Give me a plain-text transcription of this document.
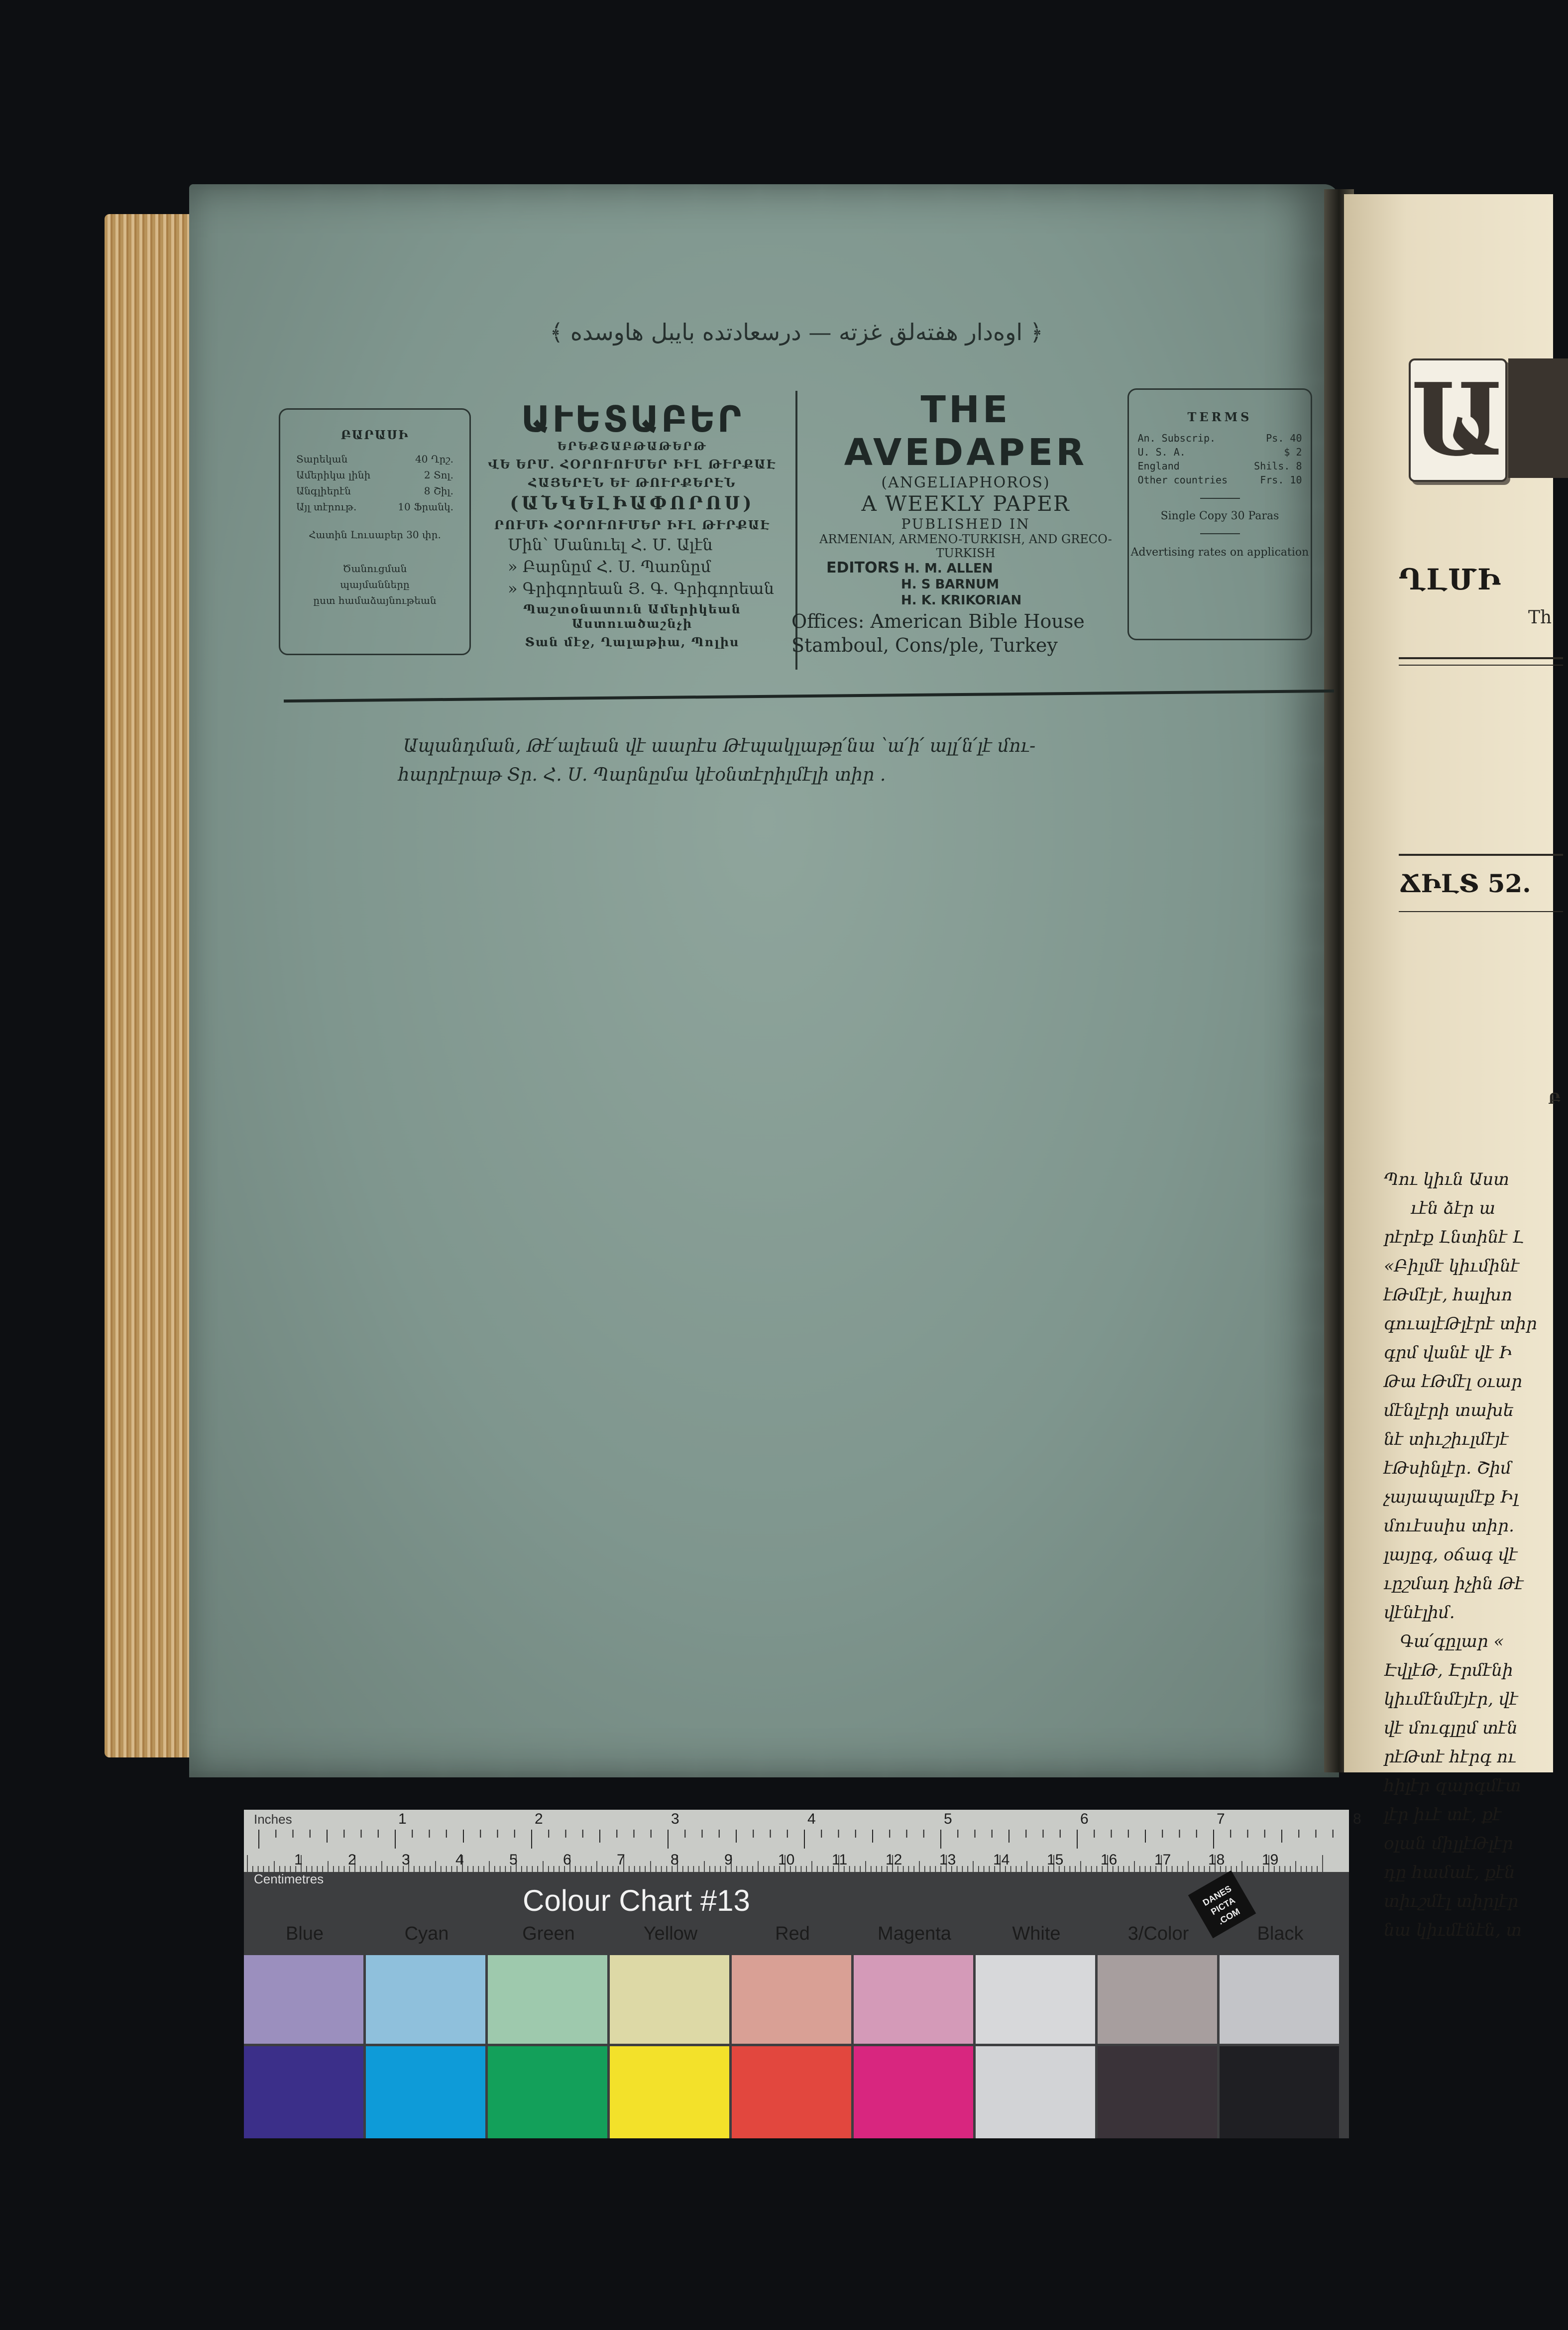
﴿ اوه‌دار هفته‌لق غزته — درسعادتده بایبل هاوسده ﴾
ԲԱՐԱՍԻ
Տարեկան	40 Ղրշ.
Ամերիկա լինի	2 Տոլ.
Անգլիերէն	8 Շիլ.
Այլ տէրութ.	10 Ֆրանկ.
Հատին Լուսաբեր 30 փր.
Ծանուցման
պայմանները
ըստ համաձայնութեան
ԱՒԵՏԱԲԵՐ
ԵՐԵՔՇԱԲԹԱԹԵՐԹ
ՎԵ ԵՐՄ. ՀՕՐՈՒՈՒՄԵՐ ԻՒԼ ԹՒՐՔԱԷ
ՀԱՅԵՐԷՆ ԵՒ ԹՈՒՐՔԵՐԷՆ
(ԱՆԿԵԼԻԱՓՈՐՈՍ)
ՐՈՒՄԻ ՀՕՐՈՒՈՒՄԵՐ ԻՒԼ ԹՒՐՔԱԷ
Մին՝ Մանուել Հ. Մ. Ալէն
» Բարնըմ Հ. Ս. Պառնըմ
» Գրիգորեան Յ. Գ. Գրիգորեան
Պաշտօնատուն Ամերիկեան Աստուածաշնչի
Տան մէջ, Ղալաթիա, Պոլիս
THE AVEDAPER
(ANGELIAPHOROS)
A WEEKLY PAPER
PUBLISHED IN
ARMENIAN, ARMENO-TURKISH, AND GRECO-TURKISH
EDITORS H. M. ALLEN
H. S BARNUM
H. K. KRIKORIAN
Offices: American Bible House
Stamboul, Cons/ple, Turkey
TERMS
An. Subscrip.	Ps. 40
U. S. A.	$ 2
England	Shils. 8
Other countries	Frs. 10
Single Copy 30 Paras
Advertising rates on application
Ապանդման, Թէ՛ալեան վէ աարէս Թէպակլաթը՛նա ՝ա՛ի՛ ալլ՛ն՛լէ մու-
հարրէրաթ Տր. Հ. Ս. Պարնըմա կէօնտէրիլմէլի տիր ․
Ա
ՂԼՄԻ
Th
ՃԻԼՏ 52.
Բ
Պու կիւն Աստ
ւէն ձէր ա
րէրէք Լնտինէ Լ
«Բիլմէ կիւմինէ
էԹմէյէ, հալխո
գուալէԹլէրէ տիր
գրմ վանէ վէ Ի
Թա էԹմէլ օւար
մէնլէրի տախե
նէ տիւշիւլմէյէ
էԹսինլէր․ Շիմ
չայապալմէք Իլ
մուէսսիս տիր․
լայըգ, օճագ վէ
ւըշմադ իչին Թէ
վէնէլիմ․
Գա՛գըլար «
ԷվլէԹ, Էրմէնի
կիւմէնմէյէր, վէ
վէ մուգլըմ տէն
րէԹտէ հէրգ ու
հիլէր զարգմէտ
լէր իւէ տէ, քէ
օլան միլլէԹլէր
դը համաէ, քէն
տիւշմէլ տիրլէր
նա կիւմէնէն, տ
Inches	1	2	3	4	5	6	7	8
1	2	3	4	5	6	7	8	9	10 11	12 13 14 15 16 17 18 19
Centimetres
Colour Chart #13	DANES PICTA .COM
Blue	Cyan	Green	Yellow	Red	Magenta	White	3/Color	Black
